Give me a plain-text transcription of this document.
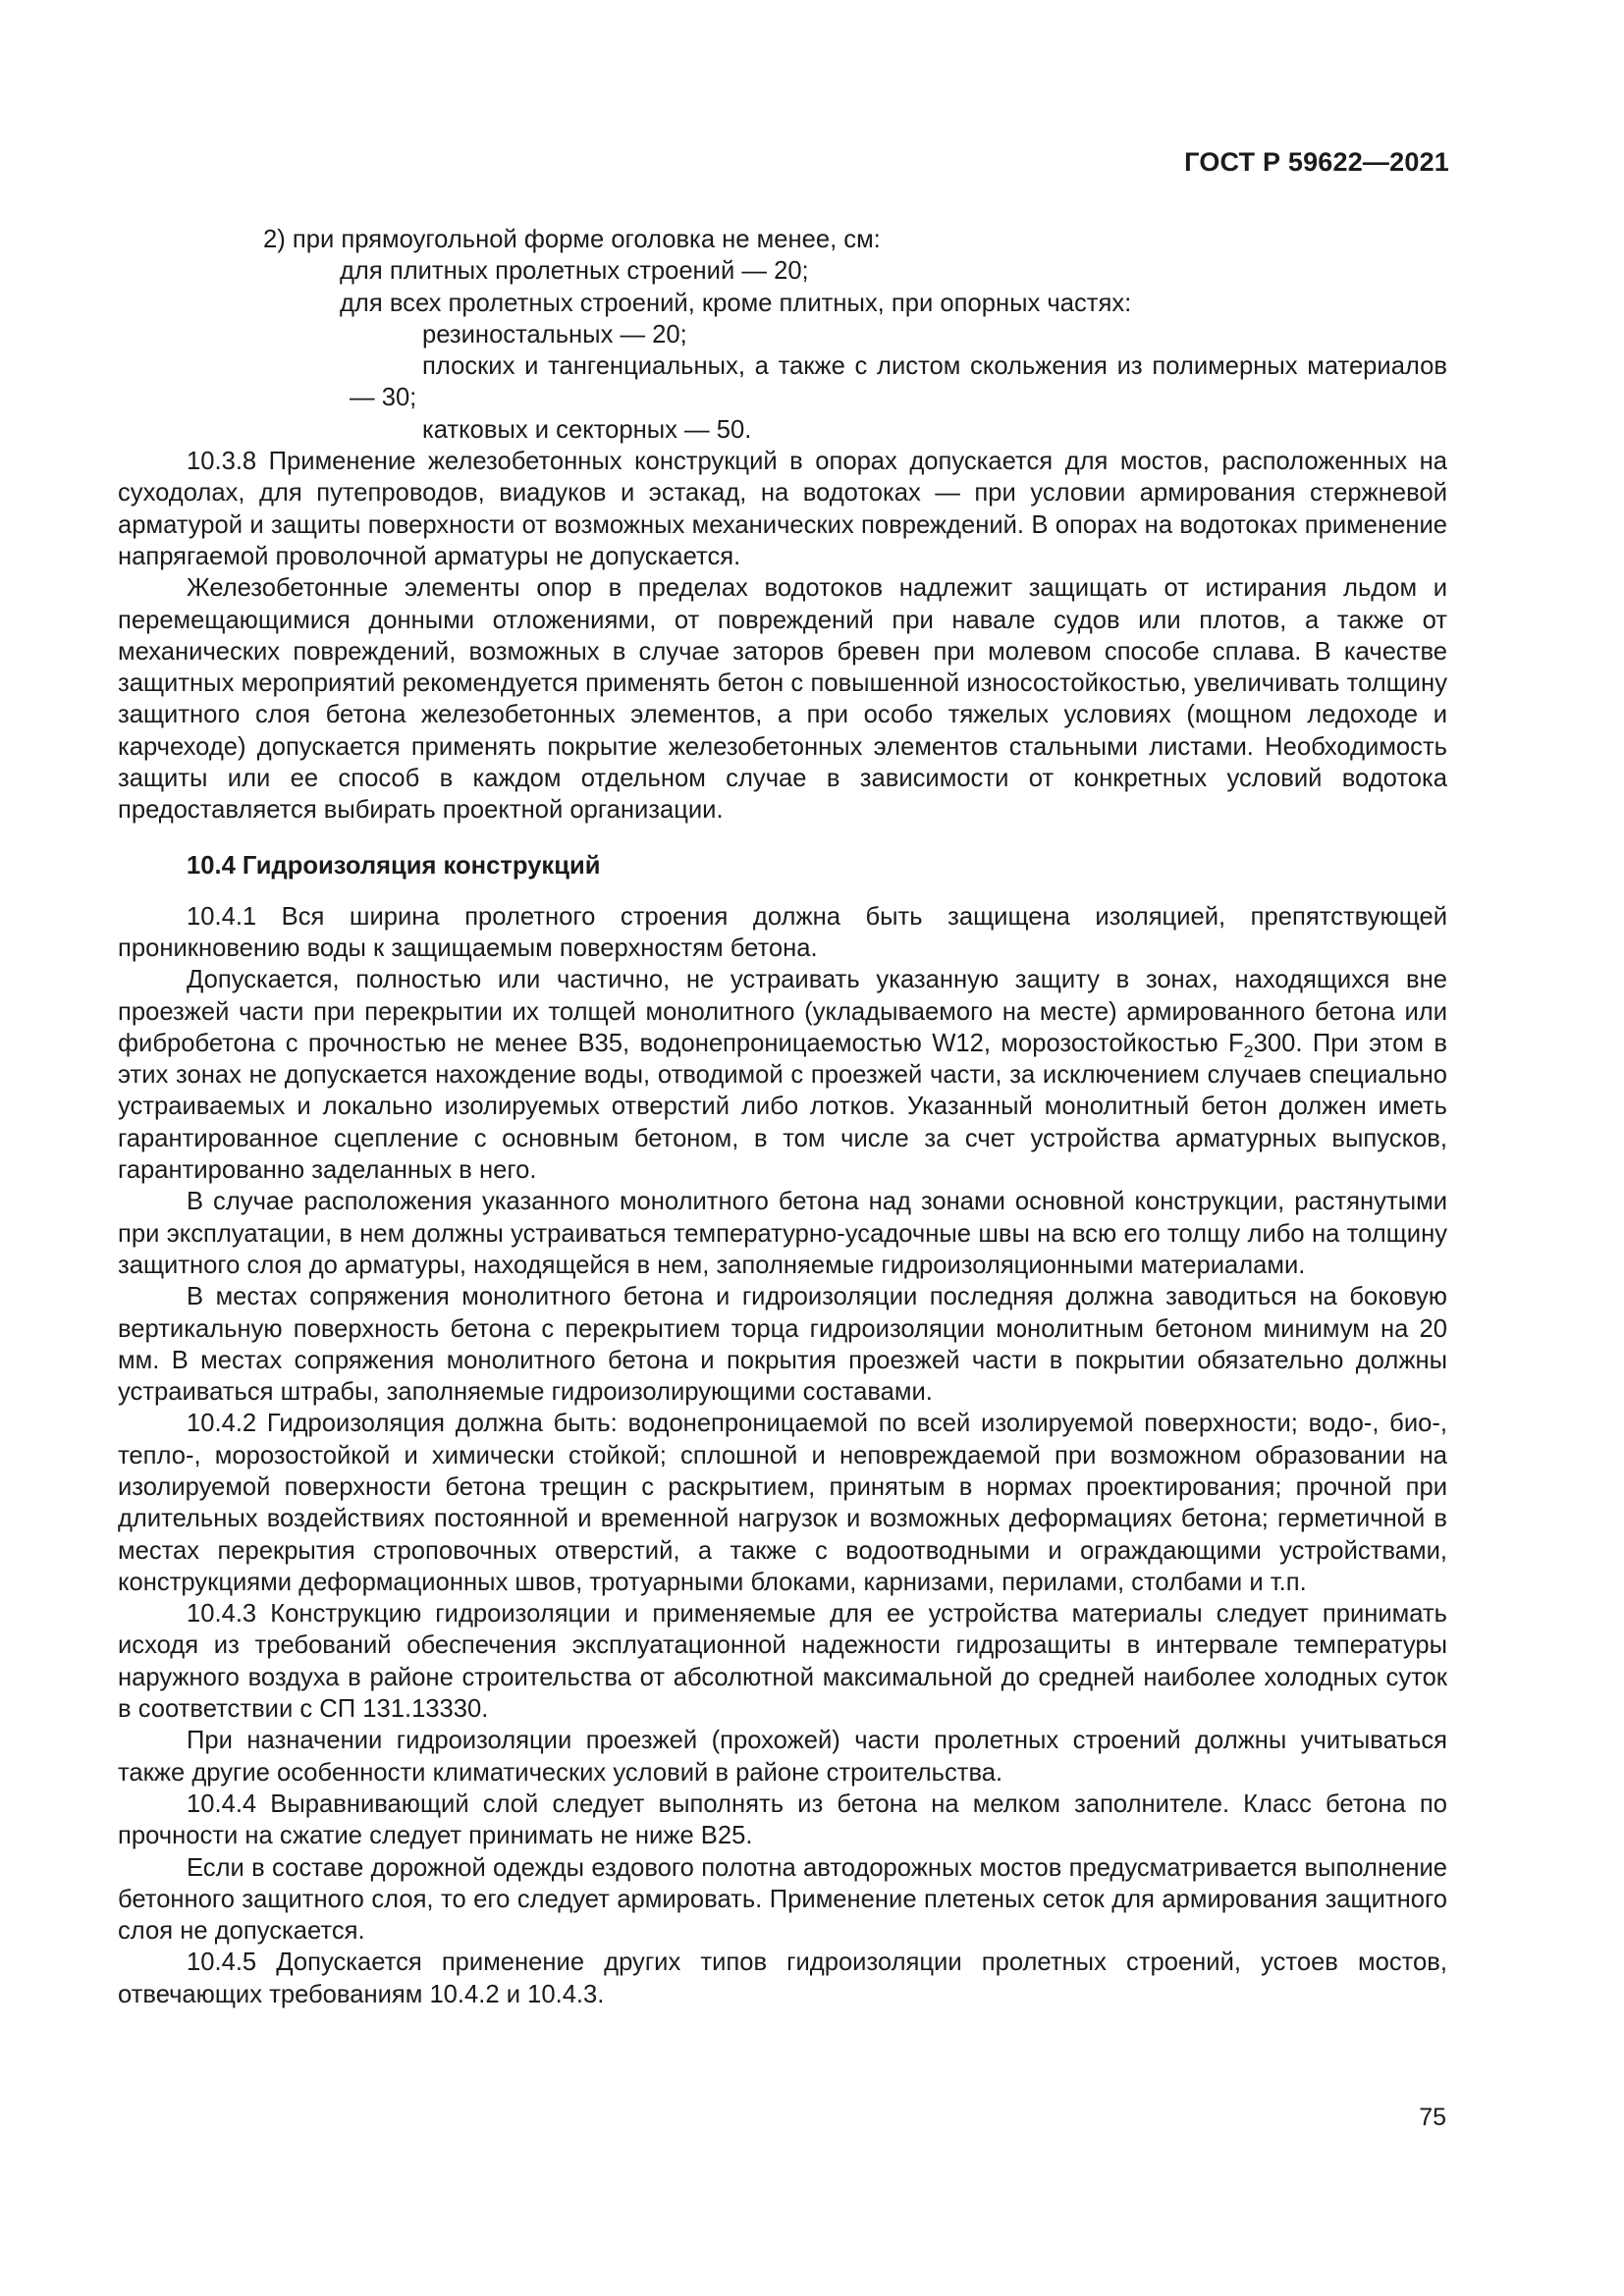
ГОСТ Р 59622—2021

2) при прямоугольной форме оголовка не менее, см:

для плитных пролетных строений — 20;

для всех пролетных строений, кроме плитных, при опорных частях:

резиностальных — 20;

плоских и тангенциальных, а также с листом скольжения из полимерных материалов — 30;

катковых и секторных — 50.

10.3.8 Применение железобетонных конструкций в опорах допускается для мостов, расположенных на суходолах, для путепроводов, виадуков и эстакад, на водотоках — при условии армирования стержневой арматурой и защиты поверхности от возможных механических повреждений. В опорах на водотоках применение напрягаемой проволочной арматуры не допускается.

Железобетонные элементы опор в пределах водотоков надлежит защищать от истирания льдом и перемещающимися донными отложениями, от повреждений при навале судов или плотов, а также от механических повреждений, возможных в случае заторов бревен при молевом способе сплава. В качестве защитных мероприятий рекомендуется применять бетон с повышенной износостойкостью, увеличивать толщину защитного слоя бетона железобетонных элементов, а при особо тяжелых условиях (мощном ледоходе и карчеходе) допускается применять покрытие железобетонных элементов стальными листами. Необходимость защиты или ее способ в каждом отдельном случае в зависимости от конкретных условий водотока предоставляется выбирать проектной организации.

10.4 Гидроизоляция конструкций

10.4.1 Вся ширина пролетного строения должна быть защищена изоляцией, препятствующей проникновению воды к защищаемым поверхностям бетона.

Допускается, полностью или частично, не устраивать указанную защиту в зонах, находящихся вне проезжей части при перекрытии их толщей монолитного (укладываемого на месте) армированного бетона или фибробетона с прочностью не менее В35, водонепроницаемостью W12, морозостойкостью $F_2300$. При этом в этих зонах не допускается нахождение воды, отводимой с проезжей части, за исключением случаев специально устраиваемых и локально изолируемых отверстий либо лотков. Указанный монолитный бетон должен иметь гарантированное сцепление с основным бетоном, в том числе за счет устройства арматурных выпусков, гарантированно заделанных в него.

В случае расположения указанного монолитного бетона над зонами основной конструкции, растянутыми при эксплуатации, в нем должны устраиваться температурно-усадочные швы на всю его толщу либо на толщину защитного слоя до арматуры, находящейся в нем, заполняемые гидроизоляционными материалами.

В местах сопряжения монолитного бетона и гидроизоляции последняя должна заводиться на боковую вертикальную поверхность бетона с перекрытием торца гидроизоляции монолитным бетоном минимум на 20 мм. В местах сопряжения монолитного бетона и покрытия проезжей части в покрытии обязательно должны устраиваться штрабы, заполняемые гидроизолирующими составами.

10.4.2 Гидроизоляция должна быть: водонепроницаемой по всей изолируемой поверхности; водо-, био-, тепло-, морозостойкой и химически стойкой; сплошной и неповреждаемой при возможном образовании на изолируемой поверхности бетона трещин с раскрытием, принятым в нормах проектирования; прочной при длительных воздействиях постоянной и временной нагрузок и возможных деформациях бетона; герметичной в местах перекрытия строповочных отверстий, а также с водоотводными и ограждающими устройствами, конструкциями деформационных швов, тротуарными блоками, карнизами, перилами, столбами и т.п.

10.4.3 Конструкцию гидроизоляции и применяемые для ее устройства материалы следует принимать исходя из требований обеспечения эксплуатационной надежности гидрозащиты в интервале температуры наружного воздуха в районе строительства от абсолютной максимальной до средней наиболее холодных суток в соответствии с СП 131.13330.

При назначении гидроизоляции проезжей (прохожей) части пролетных строений должны учитываться также другие особенности климатических условий в районе строительства.

10.4.4 Выравнивающий слой следует выполнять из бетона на мелком заполнителе. Класс бетона по прочности на сжатие следует принимать не ниже В25.

Если в составе дорожной одежды ездового полотна автодорожных мостов предусматривается выполнение бетонного защитного слоя, то его следует армировать. Применение плетеных сеток для армирования защитного слоя не допускается.

10.4.5 Допускается применение других типов гидроизоляции пролетных строений, устоев мостов, отвечающих требованиям 10.4.2 и 10.4.3.

75
